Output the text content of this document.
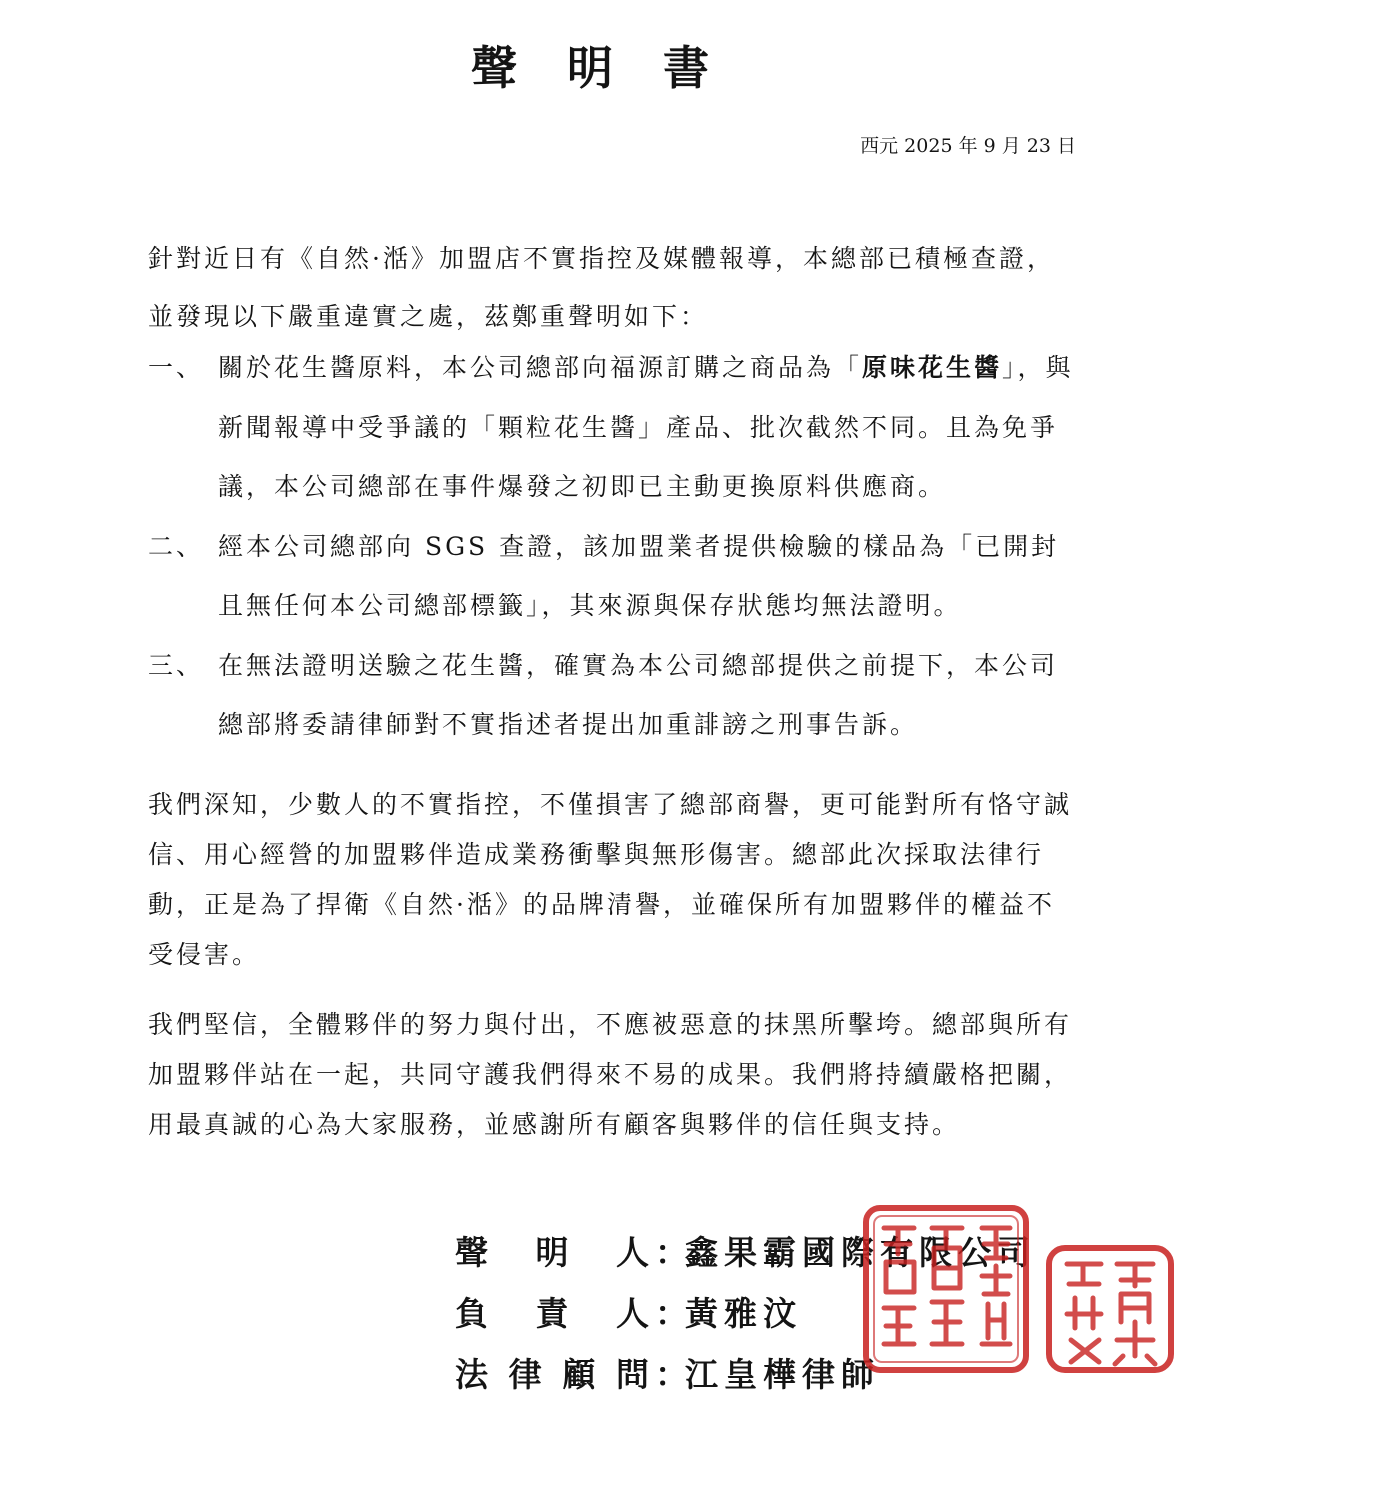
聲明書
西元 2025 年 9 月 23 日

針對近日有《自然·湉》加盟店不實指控及媒體報導，本總部已積極查證，並發現以下嚴重違實之處，茲鄭重聲明如下：

一、 關於花生醬原料，本公司總部向福源訂購之商品為「原味花生醬」，與新聞報導中受爭議的「顆粒花生醬」產品、批次截然不同。且為免爭議，本公司總部在事件爆發之初即已主動更換原料供應商。
二、 經本公司總部向 SGS 查證，該加盟業者提供檢驗的樣品為「已開封且無任何本公司總部標籤」，其來源與保存狀態均無法證明。
三、 在無法證明送驗之花生醬，確實為本公司總部提供之前提下，本公司總部將委請律師對不實指述者提出加重誹謗之刑事告訴。

我們深知，少數人的不實指控，不僅損害了總部商譽，更可能對所有恪守誠信、用心經營的加盟夥伴造成業務衝擊與無形傷害。總部此次採取法律行動，正是為了捍衛《自然·湉》的品牌清譽，並確保所有加盟夥伴的權益不受侵害。

我們堅信，全體夥伴的努力與付出，不應被惡意的抹黑所擊垮。總部與所有加盟夥伴站在一起，共同守護我們得來不易的成果。我們將持續嚴格把關，用最真誠的心為大家服務，並感謝所有顧客與夥伴的信任與支持。

聲 明 人 ：
鑫果霸國際有限公司
負 責 人 ：
黃雅汶
法 律 顧 問 ：
江皇樺律師
